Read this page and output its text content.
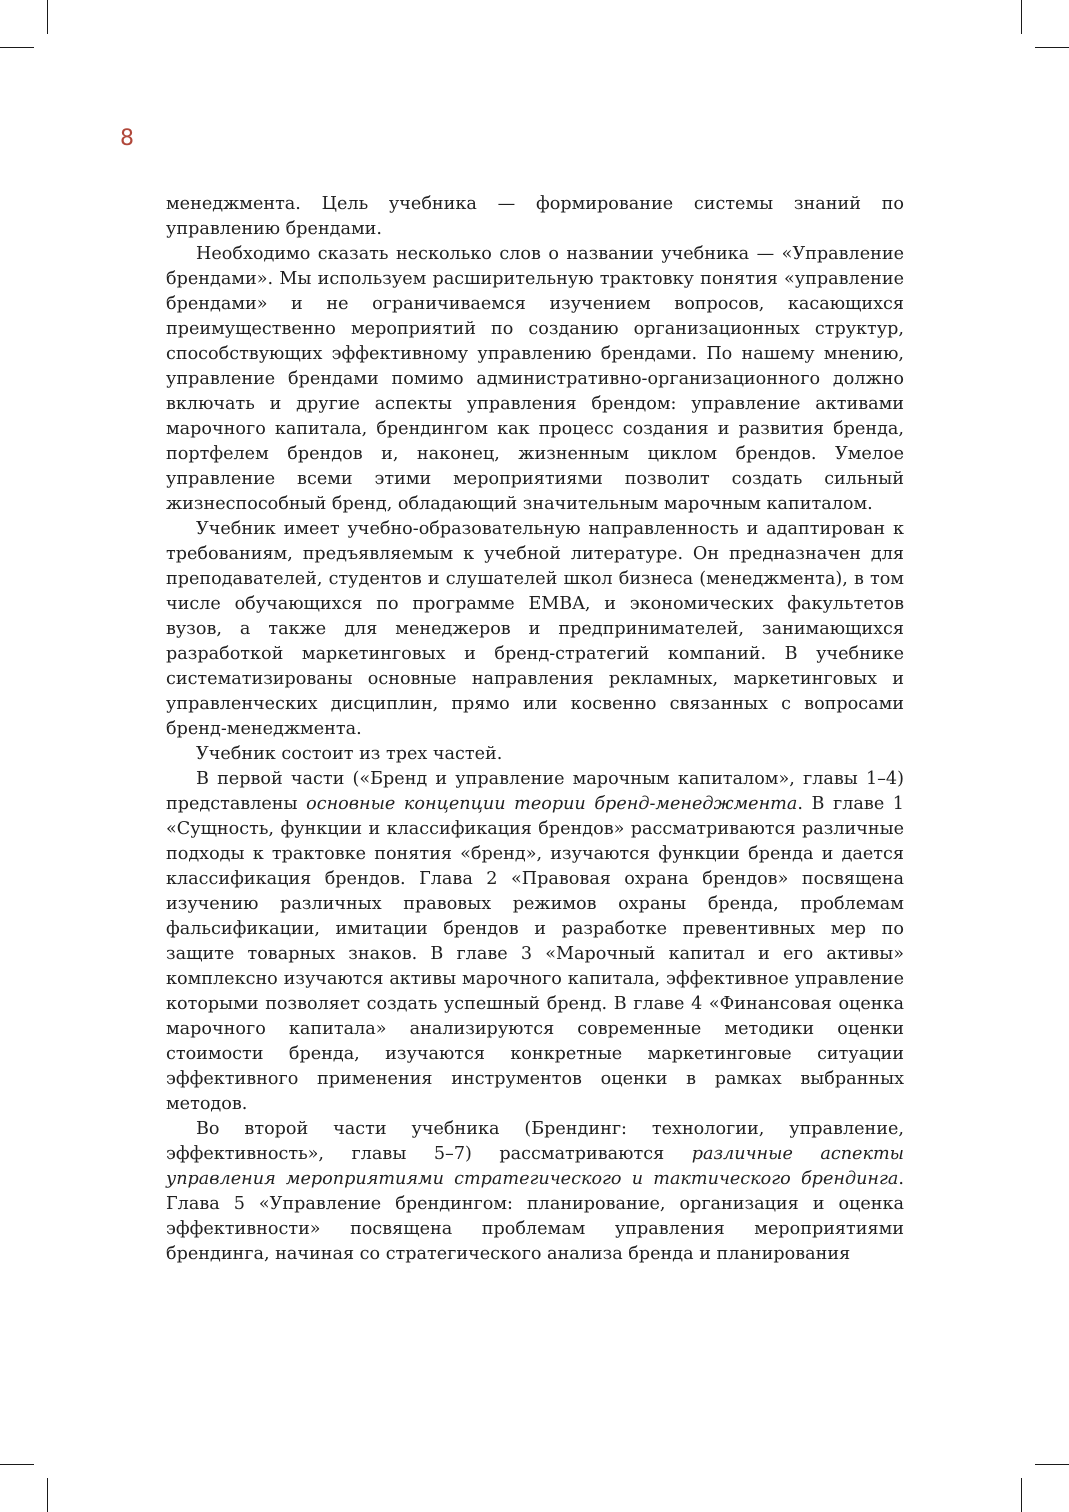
8

менеджмента. Цель учебника — формирование системы знаний по управлению брендами.

Необходимо сказать несколько слов о названии учебника — «Управление брендами». Мы используем расширительную трактовку понятия «управление брендами» и не ограничиваемся изучением вопросов, касающихся преимущественно мероприятий по созданию организационных структур, способствующих эффективному управлению брендами. По нашему мнению, управление брендами помимо административно-организационного должно включать и другие аспекты управления брендом: управление активами марочного капитала, брендингом как процесс создания и развития бренда, портфелем брендов и, наконец, жизненным циклом брендов. Умелое управление всеми этими мероприятиями позволит создать сильный жизнеспособный бренд, обладающий значительным марочным капиталом.

Учебник имеет учебно-образовательную направленность и адаптирован к требованиям, предъявляемым к учебной литературе. Он предназначен для преподавателей, студентов и слушателей школ бизнеса (менеджмента), в том числе обучающихся по программе EMBA, и экономических факультетов вузов, а также для менеджеров и предпринимателей, занимающихся разработкой маркетинговых и бренд-стратегий компаний. В учебнике систематизированы основные направления рекламных, маркетинговых и управленческих дисциплин, прямо или косвенно связанных с вопросами бренд-менеджмента.

Учебник состоит из трех частей.

В первой части («Бренд и управление марочным капиталом», главы 1–4) представлены основные концепции теории бренд-менеджмента. В главе 1 «Сущность, функции и классификация брендов» рассматриваются различные подходы к трактовке понятия «бренд», изучаются функции бренда и дается классификация брендов. Глава 2 «Правовая охрана брендов» посвящена изучению различных правовых режимов охраны бренда, проблемам фальсификации, имитации брендов и разработке превентивных мер по защите товарных знаков. В главе 3 «Марочный капитал и его активы» комплексно изучаются активы марочного капитала, эффективное управление которыми позволяет создать успешный бренд. В главе 4 «Финансовая оценка марочного капитала» анализируются современные методики оценки стоимости бренда, изучаются конкретные маркетинговые ситуации эффективного применения инструментов оценки в рамках выбранных методов.

Во второй части учебника (Брендинг: технологии, управление, эффективность», главы 5–7) рассматриваются различные аспекты управления мероприятиями стратегического и тактического брендинга. Глава 5 «Управление брендингом: планирование, организация и оценка эффективности» посвящена проблемам управления мероприятиями брендинга, начиная со стратегического анализа бренда и планирования
